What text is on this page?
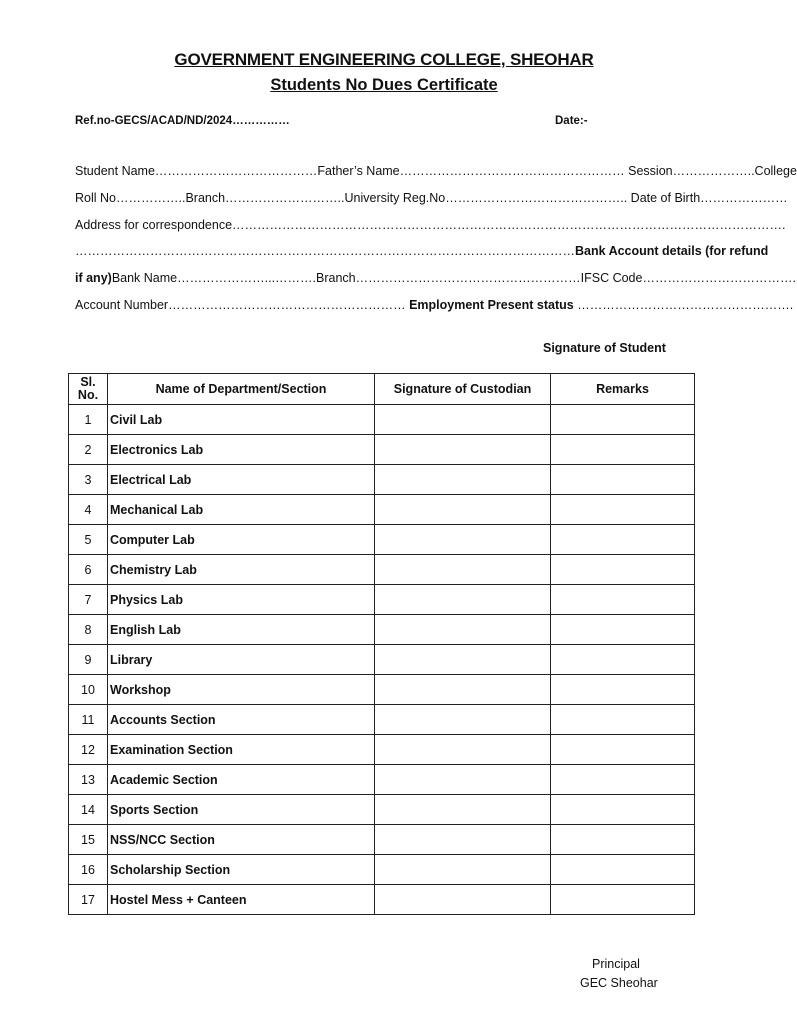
GOVERNMENT ENGINEERING COLLEGE, SHEOHAR
Students No Dues Certificate
Ref.no-GECS/ACAD/ND/2024……………	Date:-
Student Name…………………………………Father’s Name……………………………………………… Session………………..College
Roll No……………..Branch………………………..University Reg.No…………………………………….. Date of Birth…………………
Address for correspondence…………………………………………………………………………………………………………………….
…………………………………………………………………………………………………………Bank Account details (for refund
if any)Bank Name…………………...……….Branch………………………………………………IFSC Code……………………………….
Account Number………………………………………………… Employment Present status …………………………………………….
Signature of Student
Sl. No.	Name of Department/Section	Signature of Custodian	Remarks
1	Civil Lab		
2	Electronics Lab		
3	Electrical Lab		
4	Mechanical Lab		
5	Computer Lab		
6	Chemistry Lab		
7	Physics Lab		
8	English Lab		
9	Library		
10	Workshop		
11	Accounts Section		
12	Examination Section		
13	Academic Section		
14	Sports Section		
15	NSS/NCC Section		
16	Scholarship Section		
17	Hostel Mess + Canteen		
Principal
GEC Sheohar
